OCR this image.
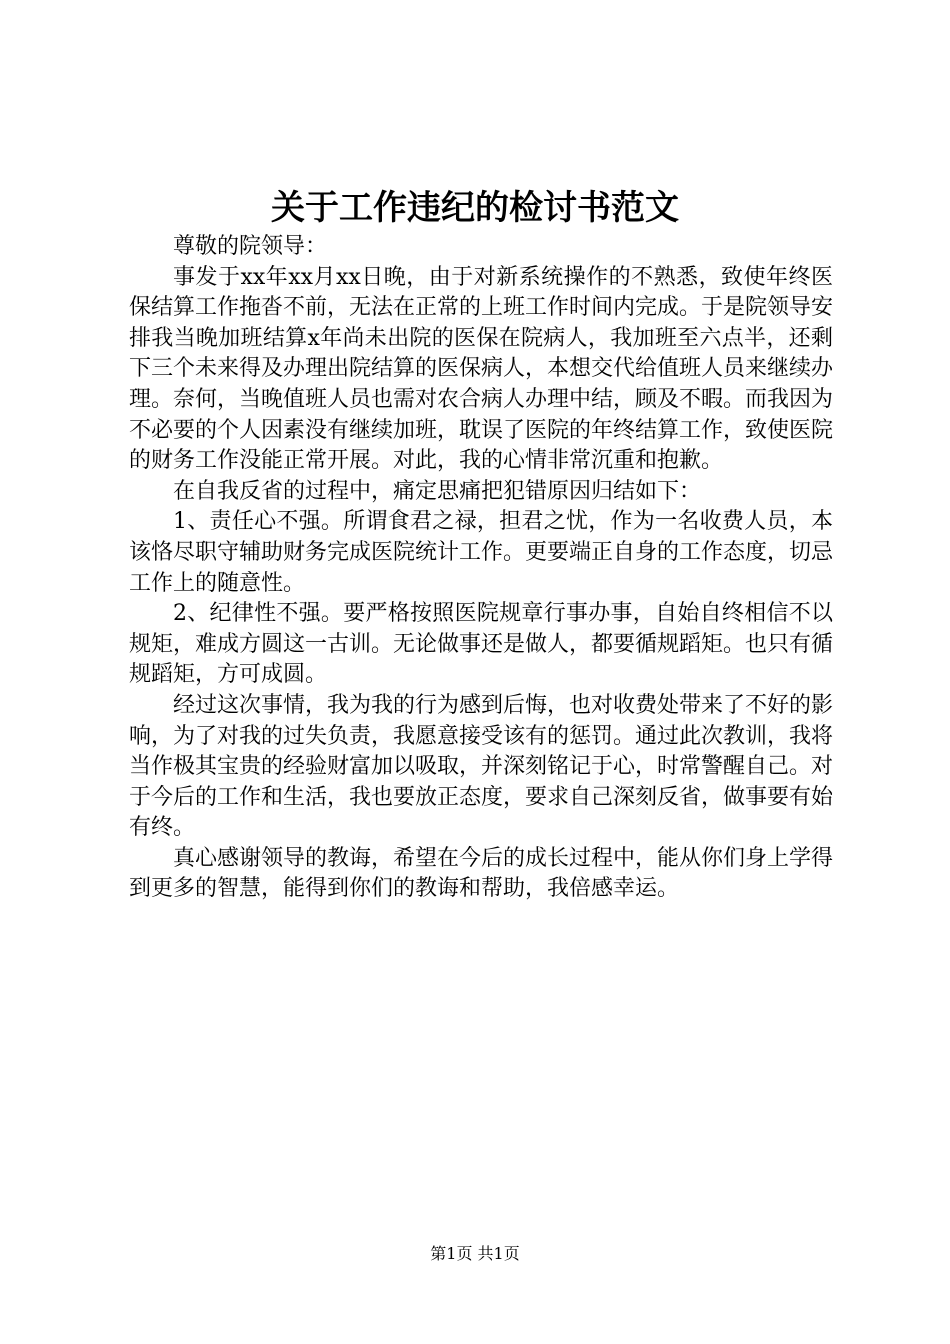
关于工作违纪的检讨书范文

尊敬的院领导：

事发于xx年xx月xx日晚，由于对新系统操作的不熟悉，致使年终医保结算工作拖沓不前，无法在正常的上班工作时间内完成。于是院领导安排我当晚加班结算x年尚未出院的医保在院病人，我加班至六点半，还剩下三个未来得及办理出院结算的医保病人，本想交代给值班人员来继续办理。奈何，当晚值班人员也需对农合病人办理中结，顾及不暇。而我因为不必要的个人因素没有继续加班，耽误了医院的年终结算工作，致使医院的财务工作没能正常开展。对此，我的心情非常沉重和抱歉。

在自我反省的过程中，痛定思痛把犯错原因归结如下：

1、责任心不强。所谓食君之禄，担君之忧，作为一名收费人员，本该恪尽职守辅助财务完成医院统计工作。更要端正自身的工作态度，切忌工作上的随意性。

2、纪律性不强。要严格按照医院规章行事办事，自始自终相信不以规矩，难成方圆这一古训。无论做事还是做人，都要循规蹈矩。也只有循规蹈矩，方可成圆。

经过这次事情，我为我的行为感到后悔，也对收费处带来了不好的影响，为了对我的过失负责，我愿意接受该有的惩罚。通过此次教训，我将当作极其宝贵的经验财富加以吸取，并深刻铭记于心，时常警醒自己。对于今后的工作和生活，我也要放正态度，要求自己深刻反省，做事要有始有终。

真心感谢领导的教诲，希望在今后的成长过程中，能从你们身上学得到更多的智慧，能得到你们的教诲和帮助，我倍感幸运。

第1页 共1页
